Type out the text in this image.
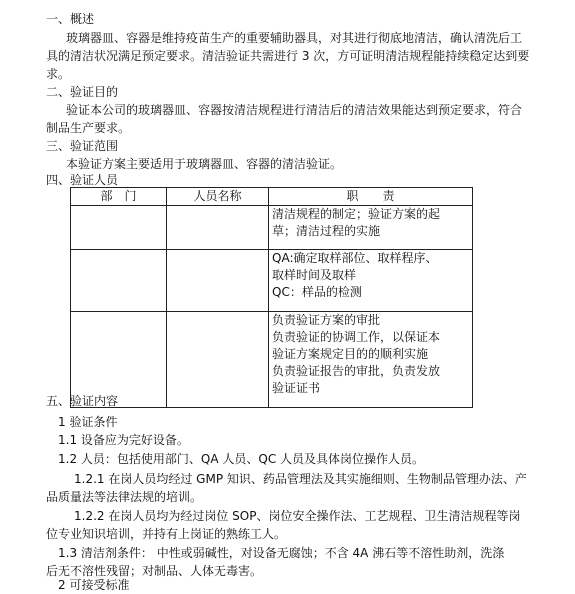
一、概述
玻璃器皿、容器是维持疫苗生产的重要辅助器具，对其进行彻底地清洁，确认清洗后工
具的清洁状况满足预定要求。清洁验证共需进行 3 次，方可证明清洁规程能持续稳定达到要
求。
二、验证目的
验证本公司的玻璃器皿、容器按清洁规程进行清洁后的清洁效果能达到预定要求，符合
制品生产要求。
三、验证范围
本验证方案主要适用于玻璃器皿、容器的清洁验证。
四、验证人员
部　门	人员名称	职　　责

		清洁规程的制定；验证方案的起
草；清洁过程的实施

		QA:确定取样部位、取样程序、
取样时间及取样
QC：样品的检测

		负责验证方案的审批
负责验证的协调工作，以保证本
验证方案规定目的的顺利实施
负责验证报告的审批，负责发放
验证证书
五、验证内容
1 验证条件
1.1 设备应为完好设备。
1.2 人员：包括使用部门、QA 人员、QC 人员及具体岗位操作人员。
1.2.1 在岗人员均经过 GMP 知识、药品管理法及其实施细则、生物制品管理办法、产
品质量法等法律法规的培训。
1.2.2 在岗人员均为经过岗位 SOP、岗位安全操作法、工艺规程、卫生清洁规程等岗
位专业知识培训，并持有上岗证的熟练工人。
1.3 清洁剂条件： 中性或弱碱性，对设备无腐蚀；不含 4A 沸石等不溶性助剂，洗涤
后无不溶性残留；对制品、人体无毒害。
2 可接受标准
